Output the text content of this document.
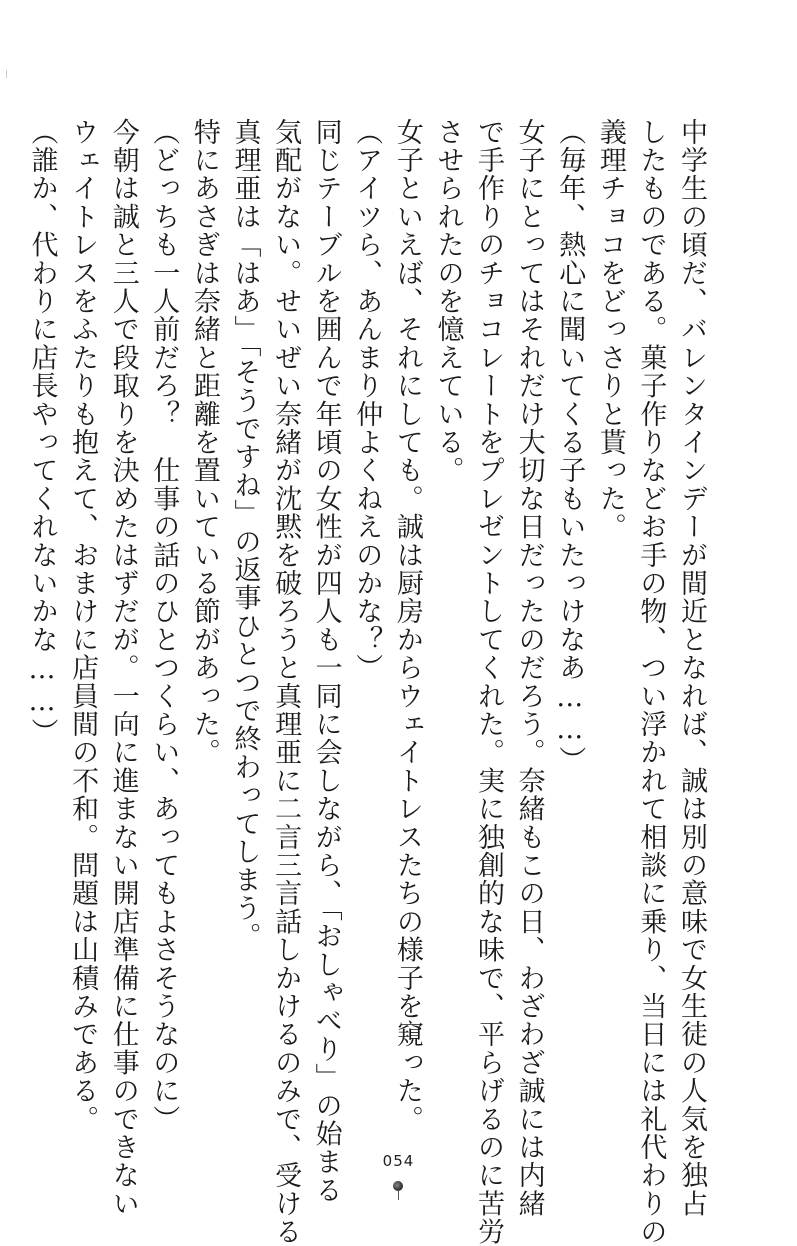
中学生の頃だ、バレンタインデーが間近となれば、誠は別の意味で女生徒の人気を独占

したものである。菓子作りなどお手の物、つい浮かれて相談に乗り、当日には礼代わりの

義理チョコをどっさりと貰った。

（毎年、熱心に聞いてくる子もいたっけなあ……）

女子にとってはそれだけ大切な日だったのだろう。奈緒もこの日、わざわざ誠には内緒

で手作りのチョコレートをプレゼントしてくれた。実に独創的な味で、平らげるのに苦労

させられたのを憶えている。

女子といえば、それにしても。誠は厨房からウェイトレスたちの様子を窺った。

（アイツら、あんまり仲よくねえのかな？）

同じテーブルを囲んで年頃の女性が四人も一同に会しながら、「おしゃべり」の始まる

気配がない。せいぜい奈緒が沈黙を破ろうと真理亜に二言三言話しかけるのみで、受ける

真理亜は「はあ」「そうですね」の返事ひとつで終わってしまう。

特にあさぎは奈緒と距離を置いている節があった。

（どっちも一人前だろ？　仕事の話のひとつくらい、あってもよさそうなのに）

今朝は誠と三人で段取りを決めたはずだが。一向に進まない開店準備に仕事のできない

ウェイトレスをふたりも抱えて、おまけに店員間の不和。問題は山積みである。

（誰か、代わりに店長やってくれないかな……）

054
